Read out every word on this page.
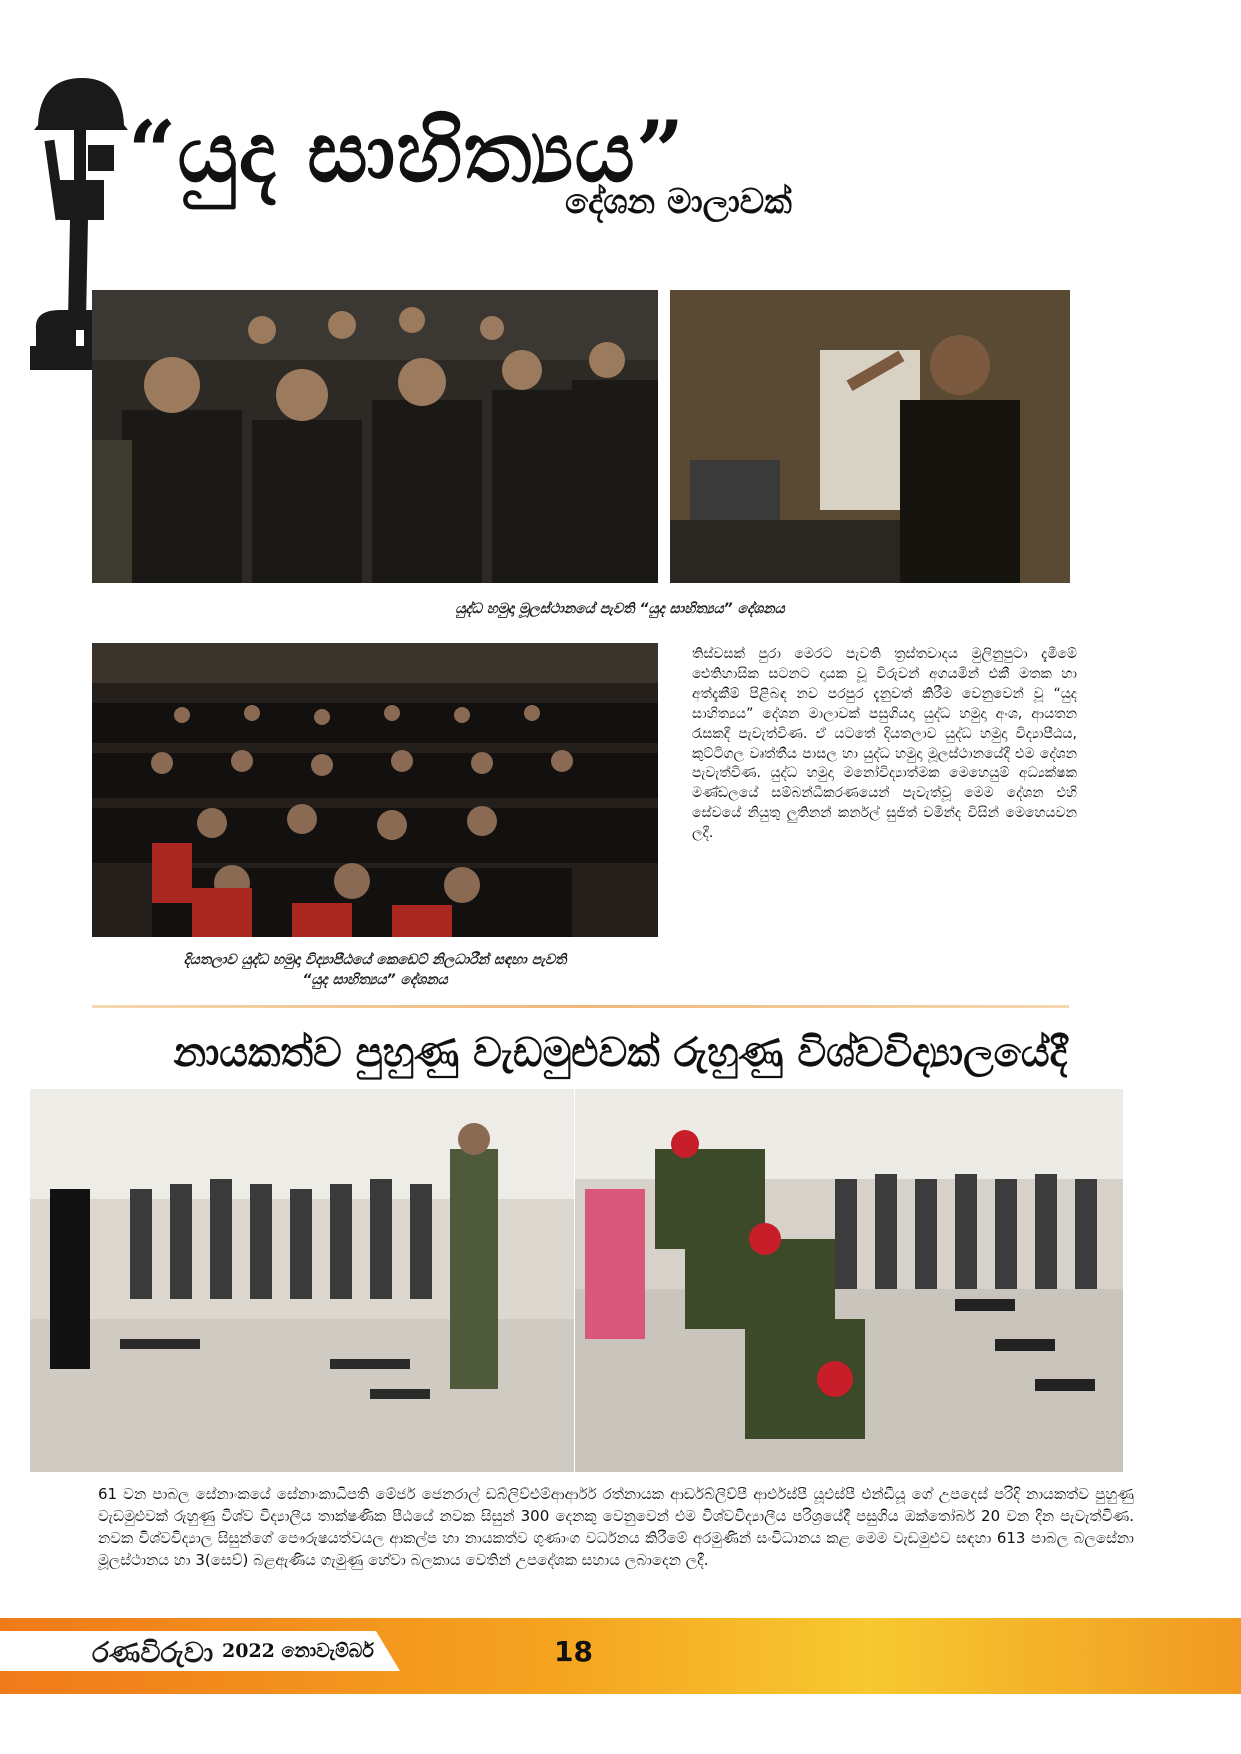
“යුද සාහිත්‍යය”
දේශන මාලාවක්
යුද්ධ හමුදා මූලස්ථානයේ පැවති “යුද සාහිත්‍යය” දේශනය
දියතලාව යුද්ධ හමුදා විද්‍යාපීඨයේ කෙඩෙට් නිලධාරීන් සඳහා පැවති
“යුද සාහිත්‍යය” දේශනය
තිස්වසක් පුරා මෙරට පැවති ත්‍රස්තවාදය මුලිනුපුටා දැමීමේ ඓතිහාසික සටනට දායක වූ විරුවන් අගයමින් එකී මතක හා අත්දැකීම් පිළිබඳ නව පරපුර දැනුවත් කිරීම වෙනුවෙන් වූ “යුද සාහිත්‍යය” දේශන මාලාවක් පසුගියදා යුද්ධ හමුදා අංශ, ආයතන රැසකදී පැවැත්විණ. ඒ යටතේ දියතලාව යුද්ධ හමුදා විද්‍යාපීඨය, කුට්ටිගල වෘත්තීය පාසල හා යුද්ධ හමුදා මූලස්ථානයේදී එම දේශන පැවැත්විණ. යුද්ධ හමුදා මනෝවිද්‍යාත්මක මෙහෙයුම් අධ්‍යක්ෂක මණ්ඩලයේ සම්බන්ධීකරණයෙන් පැවැත්වූ මෙම දේශන එහි සේවයේ නියුතු ලුතිනන් කර්නල් සුජිත් චමින්ද විසින් මෙහෙයවන ලදී.
නායකත්ව පුහුණු වැඩමුළුවක් රුහුණු විශ්වවිද්‍යාලයේදී
61 වන පාබල සේනාංකයේ සේනාංකාධිපති මේජර් ජෙනරාල් ඩබ්ලිව්එම්ආර්ආර් රත්නායක ආර්ඩබ්ලිව්පී ආර්එස්පී යූඑස්පී එන්ඩීයූ ගේ උපදෙස් පරිදි නායකත්ව පුහුණු වැඩමුළුවක් රුහුණු විශ්ව විද්‍යාලීය තාක්ෂණික පීඨයේ නවක සිසුන් 300 දෙනකු වෙනුවෙන් එම විශ්වවිද්‍යාලීය පරිශ්‍රයේදී පසුගිය ඔක්තෝබර් 20 වන දින පැවැත්විණ. නවක විශ්වවිද්‍යාල සිසුන්ගේ පෞරුෂයත්වයල ආකල්ප හා නායකත්ව ගුණාංග වර්ධනය කිරීමේ අරමුණින් සංවිධානය කළ මෙම වැඩමුළුව සඳහා 613 පාබල බලසේනා මූලස්ථානය හා 3(සෙව්) බළඇණිය ගැමුණු හේවා බලකාය වෙතින් උපදේශක සහාය ලබාදෙන ලදී.
රණවිරුවා 2022 නොවැම්බර්	18
